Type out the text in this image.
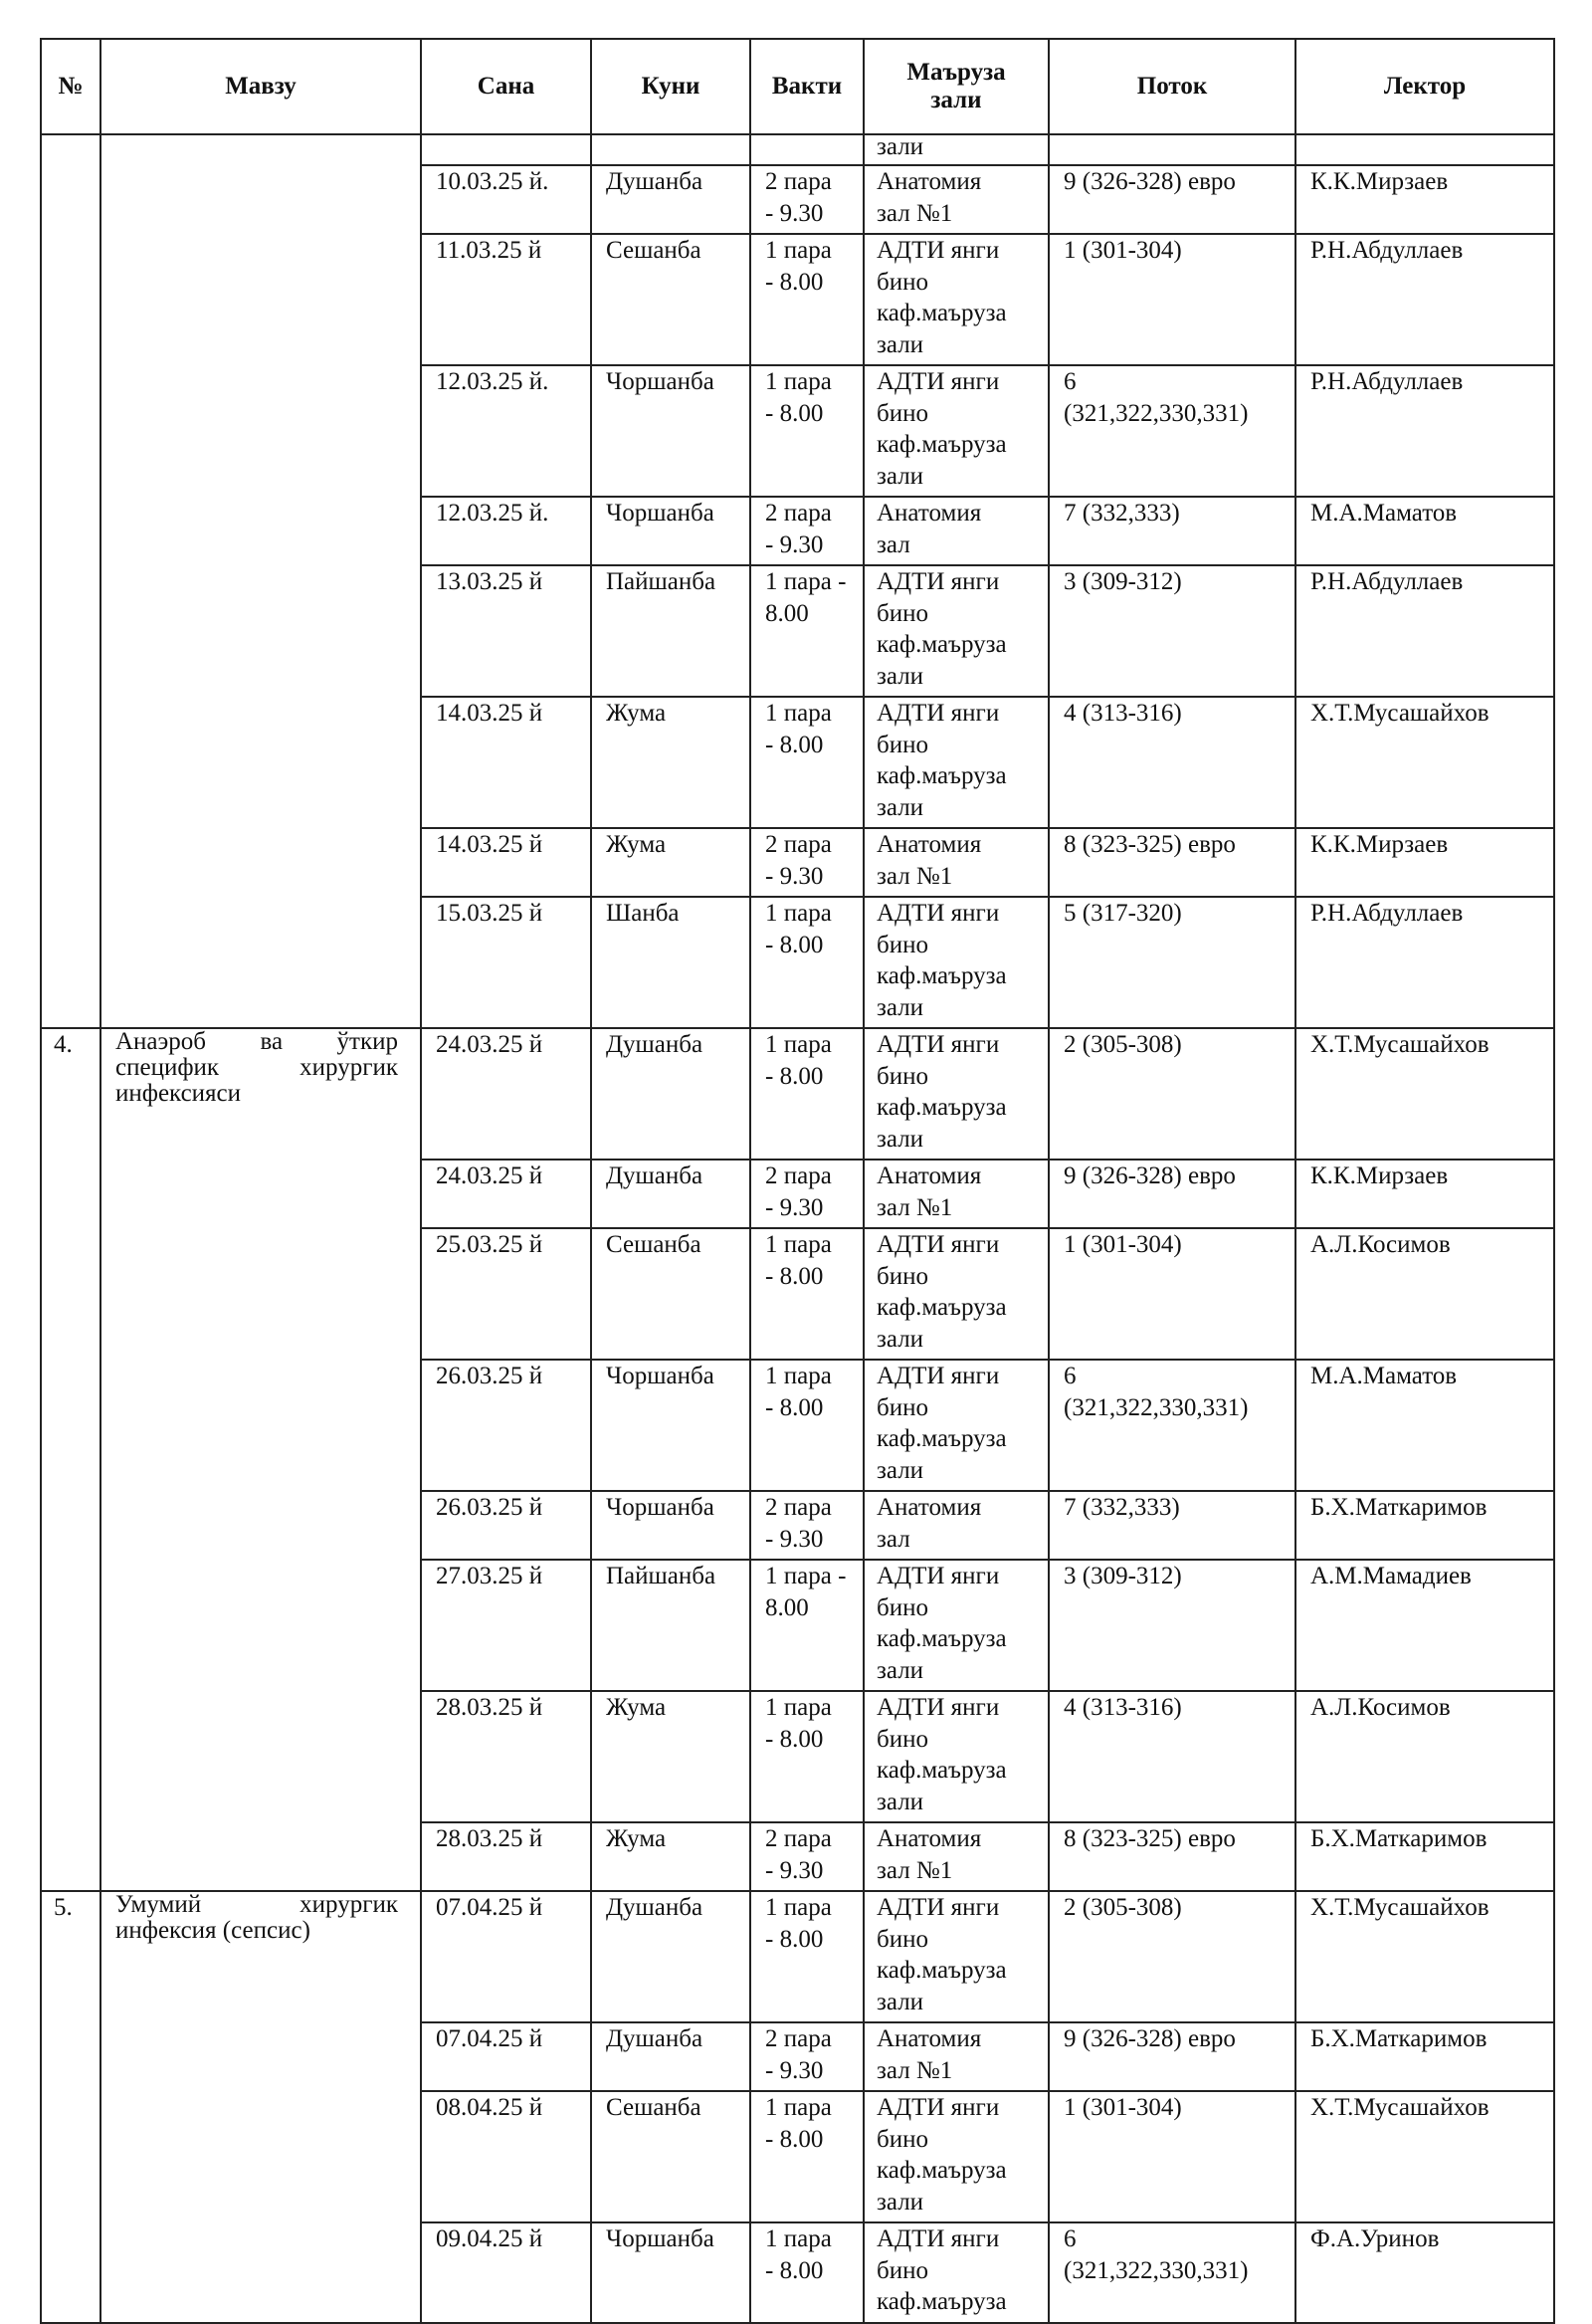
№	Мавзу	Сана	Куни	Вакти	Маъруза
зали	Поток	Лектор
					зали		
		10.03.25 й.	Душанба	2 пара
- 9.30	Анатомия
зал №1	9 (326-328) евро	К.К.Мирзаев
		11.03.25 й	Сешанба	1 пара
- 8.00	АДТИ янги
бино
каф.маъруза
зали	1 (301-304)	Р.Н.Абдуллаев
		12.03.25 й.	Чоршанба	1 пара
- 8.00	АДТИ янги
бино
каф.маъруза
зали	6
(321,322,330,331)	Р.Н.Абдуллаев
		12.03.25 й.	Чоршанба	2 пара
- 9.30	Анатомия
зал	7 (332,333)	М.А.Маматов
		13.03.25 й	Пайшанба	1 пара -
8.00	АДТИ янги
бино
каф.маъруза
зали	3 (309-312)	Р.Н.Абдуллаев
		14.03.25 й	Жума	1 пара
- 8.00	АДТИ янги
бино
каф.маъруза
зали	4 (313-316)	Х.Т.Мусашайхов
		14.03.25 й	Жума	2 пара
- 9.30	Анатомия
зал №1	8 (323-325) евро	К.К.Мирзаев
		15.03.25 й	Шанба	1 пара
- 8.00	АДТИ янги
бино
каф.маъруза
зали	5 (317-320)	Р.Н.Абдуллаев
4.	Анаэроб ва ўткир специфик хирургик инфексияси	24.03.25 й	Душанба	1 пара
- 8.00	АДТИ янги
бино
каф.маъруза
зали	2 (305-308)	Х.Т.Мусашайхов
		24.03.25 й	Душанба	2 пара
- 9.30	Анатомия
зал №1	9 (326-328) евро	К.К.Мирзаев
		25.03.25 й	Сешанба	1 пара
- 8.00	АДТИ янги
бино
каф.маъруза
зали	1 (301-304)	А.Л.Косимов
		26.03.25 й	Чоршанба	1 пара
- 8.00	АДТИ янги
бино
каф.маъруза
зали	6
(321,322,330,331)	М.А.Маматов
		26.03.25 й	Чоршанба	2 пара
- 9.30	Анатомия
зал	7 (332,333)	Б.Х.Маткаримов
		27.03.25 й	Пайшанба	1 пара -
8.00	АДТИ янги
бино
каф.маъруза
зали	3 (309-312)	А.М.Мамадиев
		28.03.25 й	Жума	1 пара
- 8.00	АДТИ янги
бино
каф.маъруза
зали	4 (313-316)	А.Л.Косимов
		28.03.25 й	Жума	2 пара
- 9.30	Анатомия
зал №1	8 (323-325) евро	Б.Х.Маткаримов
5.	Умумий хирургик инфексия (сепсис)	07.04.25 й	Душанба	1 пара
- 8.00	АДТИ янги
бино
каф.маъруза
зали	2 (305-308)	Х.Т.Мусашайхов
		07.04.25 й	Душанба	2 пара
- 9.30	Анатомия
зал №1	9 (326-328) евро	Б.Х.Маткаримов
		08.04.25 й	Сешанба	1 пара
- 8.00	АДТИ янги
бино
каф.маъруза
зали	1 (301-304)	Х.Т.Мусашайхов
		09.04.25 й	Чоршанба	1 пара
- 8.00	АДТИ янги
бино
каф.маъруза	6
(321,322,330,331)	Ф.А.Уринов
